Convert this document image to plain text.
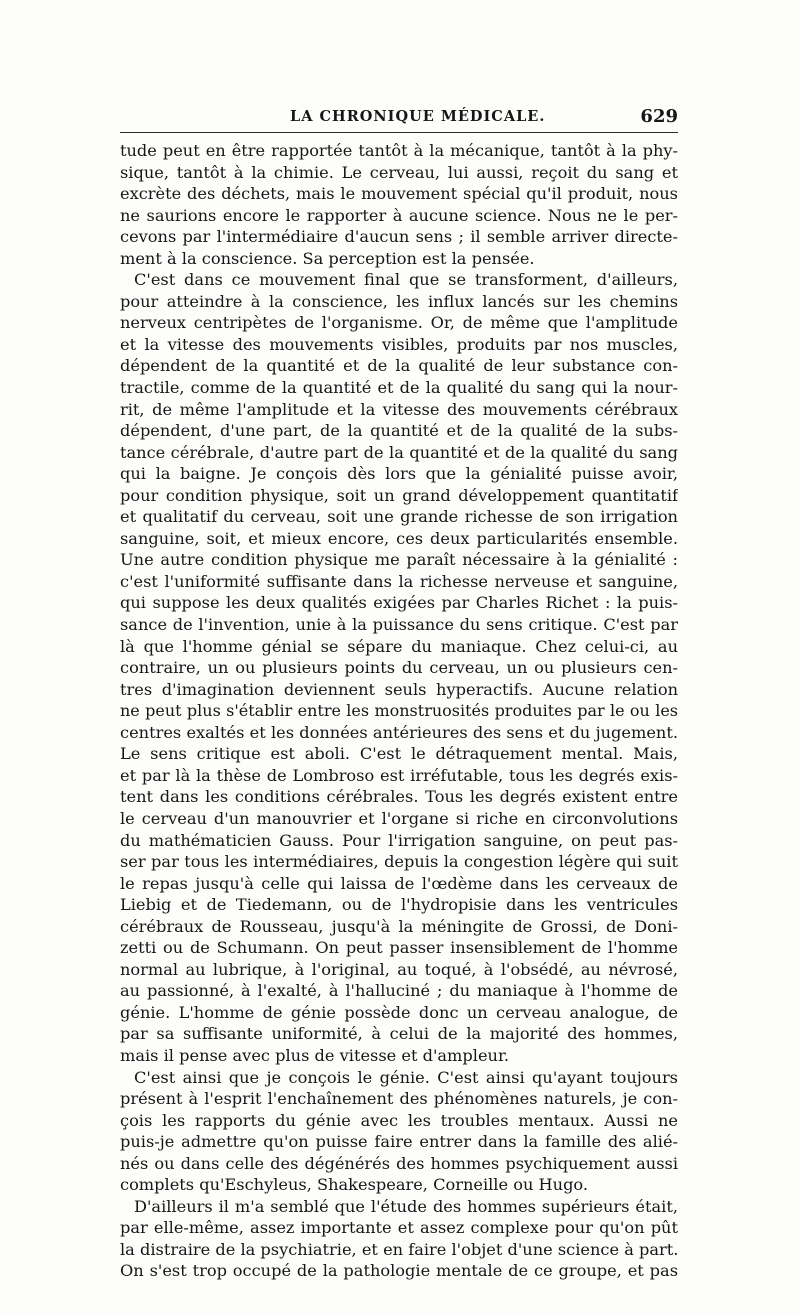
LA CHRONIQUE MÉDICALE.	629
tude peut en être rapportée tantôt à la mécanique, tantôt à la phy-
sique, tantôt à la chimie. Le cerveau, lui aussi, reçoit du sang et
excrète des déchets, mais le mouvement spécial qu'il produit, nous
ne saurions encore le rapporter à aucune science. Nous ne le per-
cevons par l'intermédiaire d'aucun sens ; il semble arriver directe-
ment à la conscience. Sa perception est la pensée.
C'est dans ce mouvement final que se transforment, d'ailleurs,
pour atteindre à la conscience, les influx lancés sur les chemins
nerveux centripètes de l'organisme. Or, de même que l'amplitude
et la vitesse des mouvements visibles, produits par nos muscles,
dépendent de la quantité et de la qualité de leur substance con-
tractile, comme de la quantité et de la qualité du sang qui la nour-
rit, de même l'amplitude et la vitesse des mouvements cérébraux
dépendent, d'une part, de la quantité et de la qualité de la subs-
tance cérébrale, d'autre part de la quantité et de la qualité du sang
qui la baigne. Je conçois dès lors que la génialité puisse avoir,
pour condition physique, soit un grand développement quantitatif
et qualitatif du cerveau, soit une grande richesse de son irrigation
sanguine, soit, et mieux encore, ces deux particularités ensemble.
Une autre condition physique me paraît nécessaire à la génialité :
c'est l'uniformité suffisante dans la richesse nerveuse et sanguine,
qui suppose les deux qualités exigées par Charles Richet : la puis-
sance de l'invention, unie à la puissance du sens critique. C'est par
là que l'homme génial se sépare du maniaque. Chez celui-ci, au
contraire, un ou plusieurs points du cerveau, un ou plusieurs cen-
tres d'imagination deviennent seuls hyperactifs. Aucune relation
ne peut plus s'établir entre les monstruosités produites par le ou les
centres exaltés et les données antérieures des sens et du jugement.
Le sens critique est aboli. C'est le détraquement mental. Mais,
et par là la thèse de Lombroso est irréfutable, tous les degrés exis-
tent dans les conditions cérébrales. Tous les degrés existent entre
le cerveau d'un manouvrier et l'organe si riche en circonvolutions
du mathématicien Gauss. Pour l'irrigation sanguine, on peut pas-
ser par tous les intermédiaires, depuis la congestion légère qui suit
le repas jusqu'à celle qui laissa de l'œdème dans les cerveaux de
Liebig et de Tiedemann, ou de l'hydropisie dans les ventricules
cérébraux de Rousseau, jusqu'à la méningite de Grossi, de Doni-
zetti ou de Schumann. On peut passer insensiblement de l'homme
normal au lubrique, à l'original, au toqué, à l'obsédé, au névrosé,
au passionné, à l'exalté, à l'halluciné ; du maniaque à l'homme de
génie. L'homme de génie possède donc un cerveau analogue, de
par sa suffisante uniformité, à celui de la majorité des hommes,
mais il pense avec plus de vitesse et d'ampleur.
C'est ainsi que je conçois le génie. C'est ainsi qu'ayant toujours
présent à l'esprit l'enchaînement des phénomènes naturels, je con-
çois les rapports du génie avec les troubles mentaux. Aussi ne
puis-je admettre qu'on puisse faire entrer dans la famille des alié-
nés ou dans celle des dégénérés des hommes psychiquement aussi
complets qu'Eschyleus, Shakespeare, Corneille ou Hugo.
D'ailleurs il m'a semblé que l'étude des hommes supérieurs était,
par elle-même, assez importante et assez complexe pour qu'on pût
la distraire de la psychiatrie, et en faire l'objet d'une science à part.
On s'est trop occupé de la pathologie mentale de ce groupe, et pas
